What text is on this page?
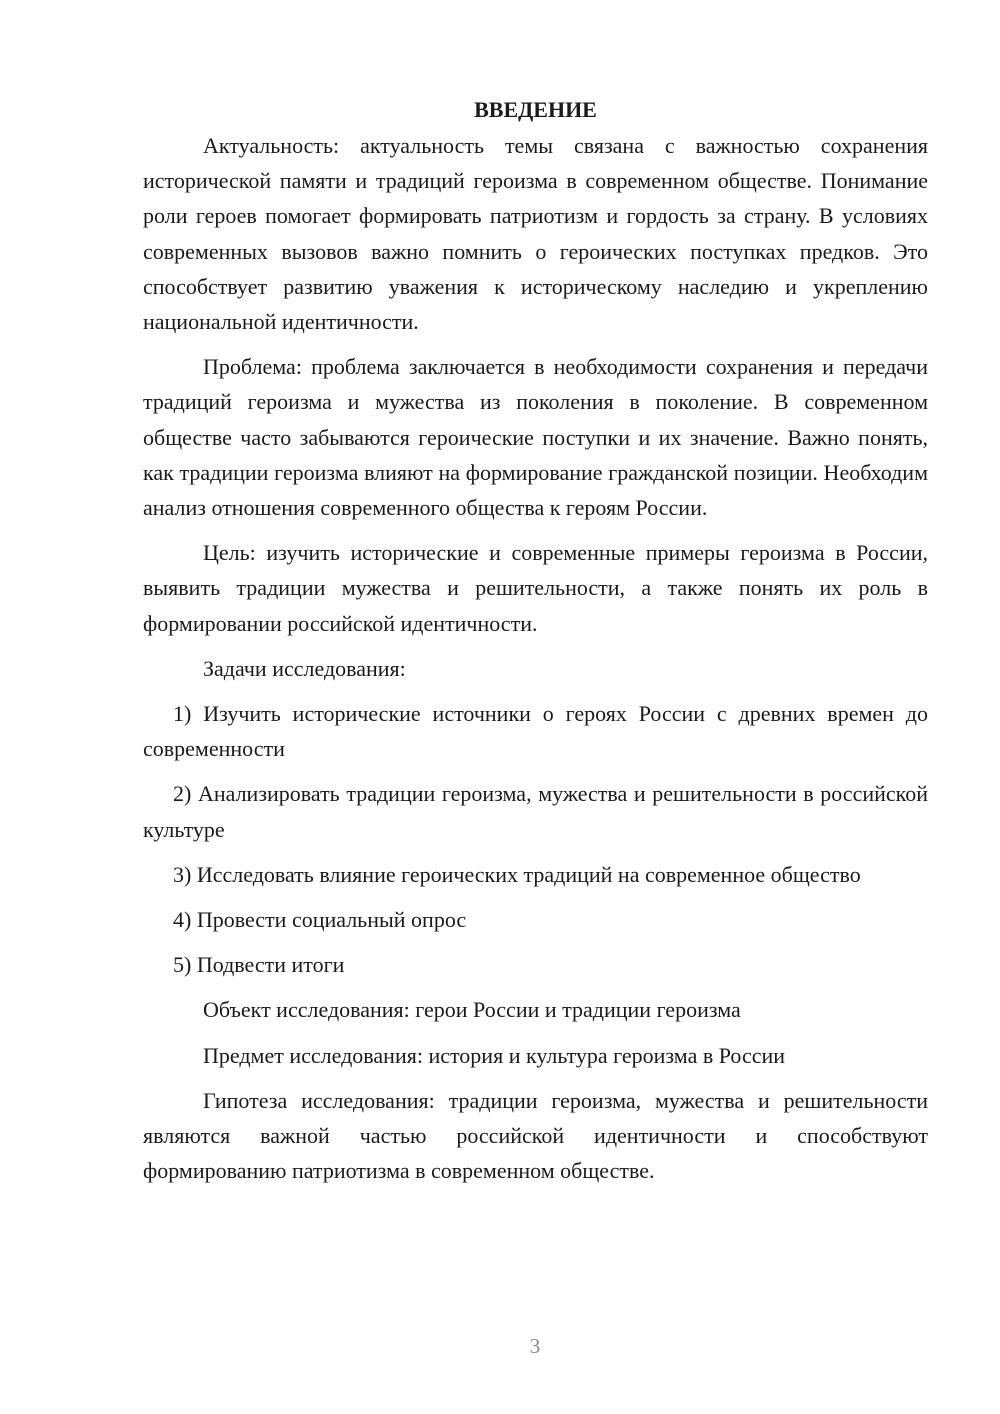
ВВЕДЕНИЕ

Актуальность: актуальность темы связана с важностью сохранения исторической памяти и традиций героизма в современном обществе. Понимание роли героев помогает формировать патриотизм и гордость за страну. В условиях современных вызовов важно помнить о героических поступках предков. Это способствует развитию уважения к историческому наследию и укреплению национальной идентичности.

Проблема: проблема заключается в необходимости сохранения и передачи традиций героизма и мужества из поколения в поколение. В современном обществе часто забываются героические поступки и их значение. Важно понять, как традиции героизма влияют на формирование гражданской позиции. Необходим анализ отношения современного общества к героям России.

Цель: изучить исторические и современные примеры героизма в России, выявить традиции мужества и решительности, а также понять их роль в формировании российской идентичности.

Задачи исследования:

1) Изучить исторические источники о героях России с древних времен до современности

2) Анализировать традиции героизма, мужества и решительности в российской культуре

3) Исследовать влияние героических традиций на современное общество

4) Провести социальный опрос

5) Подвести итоги

Объект исследования: герои России и традиции героизма

Предмет исследования: история и культура героизма в России

Гипотеза исследования: традиции героизма, мужества и решительности являются важной частью российской идентичности и способствуют формированию патриотизма в современном обществе.

3
